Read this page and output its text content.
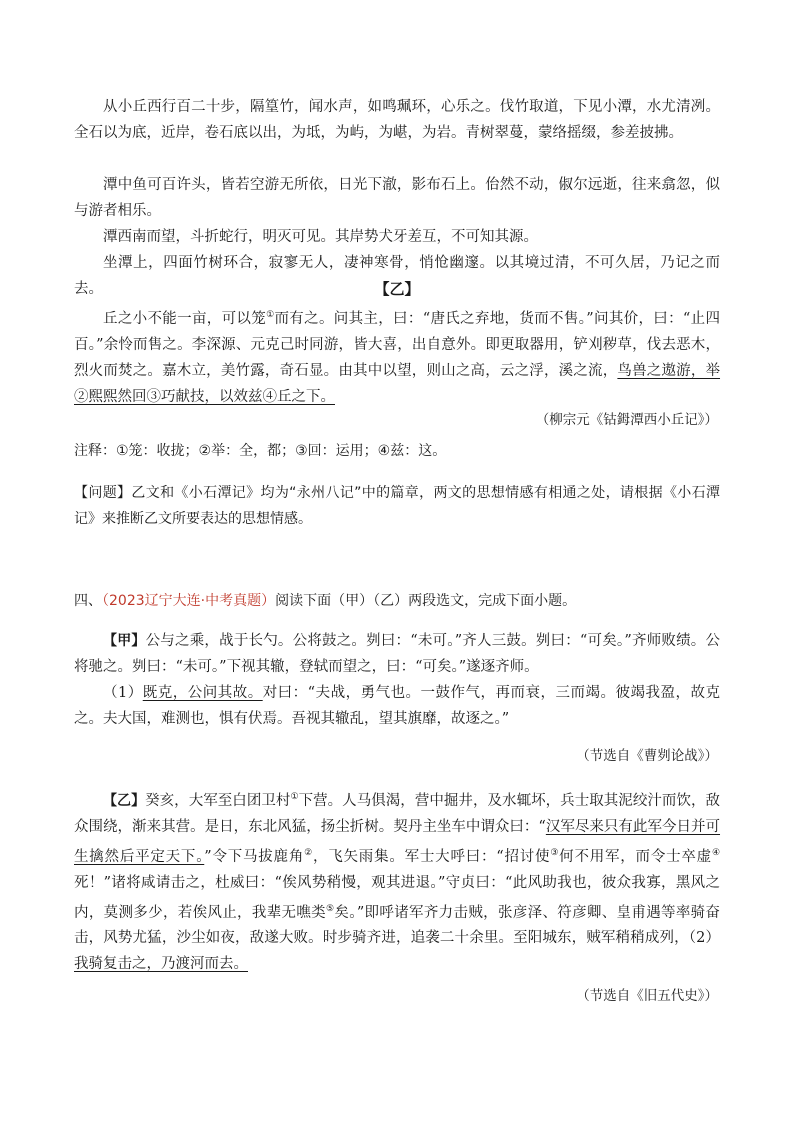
从小丘西行百二十步，隔篁竹，闻水声，如鸣珮环，心乐之。伐竹取道，下见小潭，水尤清冽。全石以为底，近岸，卷石底以出，为坻，为屿，为嵁，为岩。青树翠蔓，蒙络摇缀，参差披拂。

潭中鱼可百许头，皆若空游无所依，日光下澈，影布石上。佁然不动，俶尔远逝，往来翕忽，似与游者相乐。

潭西南而望，斗折蛇行，明灭可见。其岸势犬牙差互，不可知其源。

坐潭上，四面竹树环合，寂寥无人，凄神寒骨，悄怆幽邃。以其境过清，不可久居，乃记之而去。	【乙】

丘之小不能一亩，可以笼①而有之。问其主，曰：“唐氏之弃地，货而不售。”问其价，曰：“止四百。”余怜而售之。李深源、元克己时同游，皆大喜，出自意外。即更取器用，铲刈秽草，伐去恶木，烈火而焚之。嘉木立，美竹露，奇石显。由其中以望，则山之高，云之浮，溪之流，鸟兽之遨游，举②熙熙然回③巧献技，以效兹④丘之下。

（柳宗元《钴鉧潭西小丘记》）

注释：①笼：收拢；②举：全，都；③回：运用；④兹：这。

【问题】乙文和《小石潭记》均为“永州八记”中的篇章，两文的思想情感有相通之处，请根据《小石潭记》来推断乙文所要表达的思想情感。

四、（2023辽宁大连·中考真题）阅读下面（甲）（乙）两段选文，完成下面小题。

【甲】公与之乘，战于长勺。公将鼓之。刿曰：“未可。”齐人三鼓。刿曰：“可矣。”齐师败绩。公将驰之。刿曰：“未可。”下视其辙，登轼而望之，曰：“可矣。”遂逐齐师。

（1）既克，公问其故。对曰：“夫战，勇气也。一鼓作气，再而衰，三而竭。彼竭我盈，故克之。夫大国，难测也，惧有伏焉。吾视其辙乱，望其旗靡，故逐之。”

（节选自《曹刿论战》）

【乙】癸亥，大军至白团卫村①下营。人马俱渴，营中掘井，及水辄坏，兵士取其泥绞汁而饮，敌众围绕，渐来其营。是日，东北风猛，扬尘折树。契丹主坐车中谓众曰：“汉军尽来只有此军今日并可生擒然后平定天下。”令下马拔鹿角②，飞矢雨集。军士大呼曰：“招讨使③何不用军，而令士卒虚④死！”诸将咸请击之，杜威曰：“俟风势稍慢，观其进退。”守贞曰：“此风助我也，彼众我寡，黑风之内，莫测多少，若俟风止，我辈无噍类⑤矣。”即呼诸军齐力击贼，张彦泽、符彦卿、皇甫遇等率骑奋击，风势尤猛，沙尘如夜，敌遂大败。时步骑齐进，追袭二十余里。至阳城东，贼军稍稍成列，（2）我骑复击之，乃渡河而去。

（节选自《旧五代史》）
